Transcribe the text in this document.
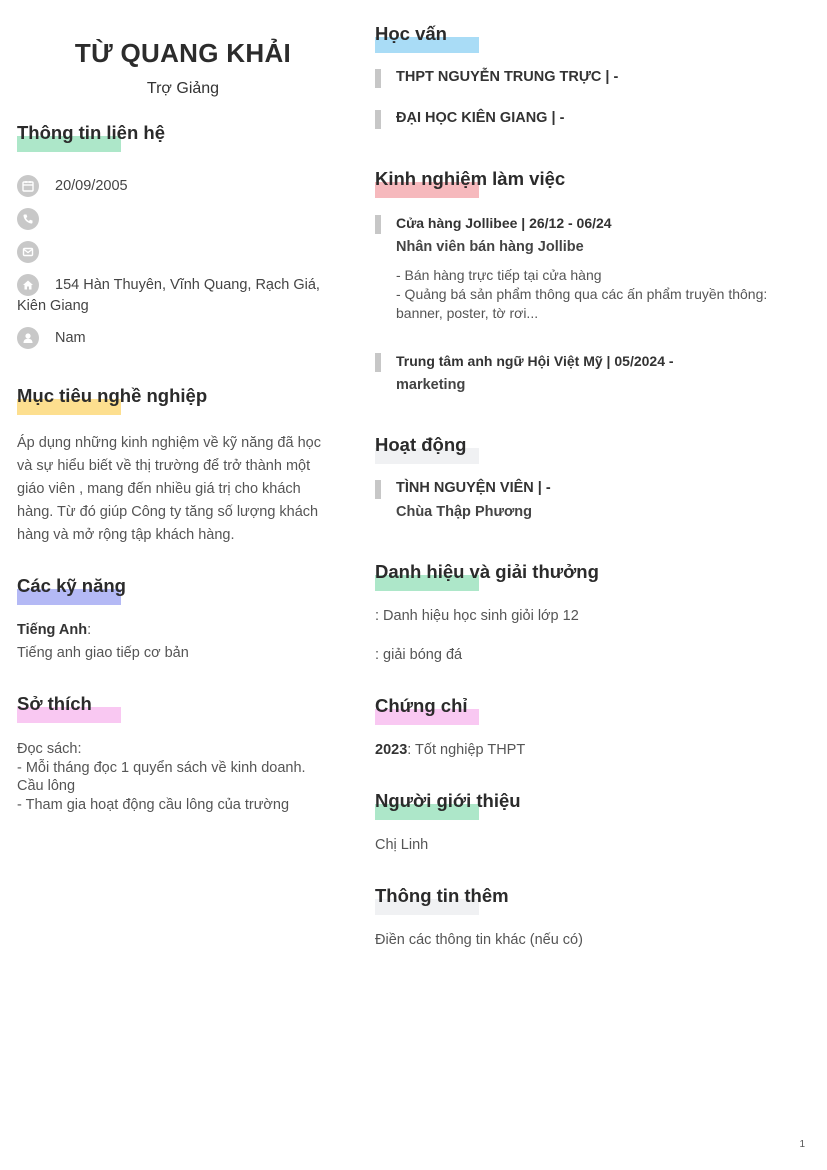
TỪ QUANG KHẢI
Trợ Giảng
Thông tin liên hệ
20/09/2005
154 Hàn Thuyên, Vĩnh Quang, Rạch Giá,
Kiên Giang
Nam
Mục tiêu nghề nghiệp
Áp dụng những kinh nghiệm về kỹ năng đã học
và sự hiểu biết về thị trường để trở thành một
giáo viên , mang đến nhiều giá trị cho khách
hàng. Từ đó giúp Công ty tăng số lượng khách
hàng và mở rộng tập khách hàng.
Các kỹ năng
Tiếng Anh:
Tiếng anh giao tiếp cơ bản
Sở thích
Đọc sách:
- Mỗi tháng đọc 1 quyển sách về kinh doanh.
Cầu lông
- Tham gia hoạt động cầu lông của trường
Học vấn
THPT NGUYỄN TRUNG TRỰC | -
ĐẠI HỌC KIÊN GIANG | -
Kinh nghiệm làm việc
Cửa hàng Jollibee | 26/12 - 06/24
Nhân viên bán hàng Jollibe
- Bán hàng trực tiếp tại cửa hàng
- Quảng bá sản phẩm thông qua các ấn phẩm truyền thông:
banner, poster, tờ rơi...
Trung tâm anh ngữ Hội Việt Mỹ | 05/2024 -
marketing
Hoạt động
TÌNH NGUYỆN VIÊN | -
Chùa Thập Phương
Danh hiệu và giải thưởng
: Danh hiệu học sinh giỏi lớp 12
: giải bóng đá
Chứng chỉ
2023: Tốt nghiệp THPT
Người giới thiệu
Chị Linh
Thông tin thêm
Điền các thông tin khác (nếu có)
1
